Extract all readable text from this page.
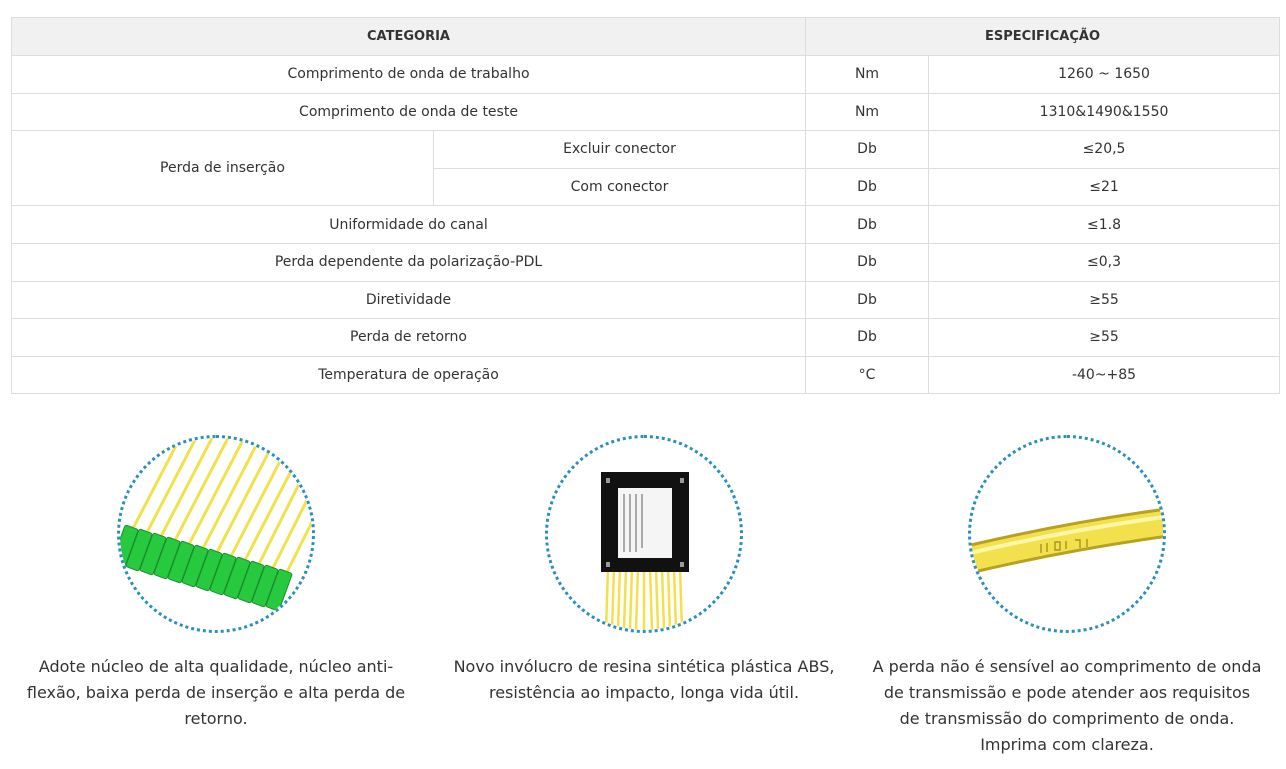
CATEGORIA		ESPECIFICAÇÃO	
Comprimento de onda de trabalho		Nm	1260 ~ 1650
Comprimento de onda de teste		Nm	1310&1490&1550
Perda de inserção	Excluir conector	Db	≤20,5
	Com conector	Db	≤21
Uniformidade do canal		Db	≤1.8
Perda dependente da polarização-PDL		Db	≤0,3
Diretividade		Db	≥55
Perda de retorno		Db	≥55
Temperatura de operação		°C	-40~+85

Adote núcleo de alta qualidade, núcleo anti-flexão, baixa perda de inserção e alta perda de retorno.

Novo invólucro de resina sintética plástica ABS, resistência ao impacto, longa vida útil.

A perda não é sensível ao comprimento de onda de transmissão e pode atender aos requisitos de transmissão do comprimento de onda. Imprima com clareza.
